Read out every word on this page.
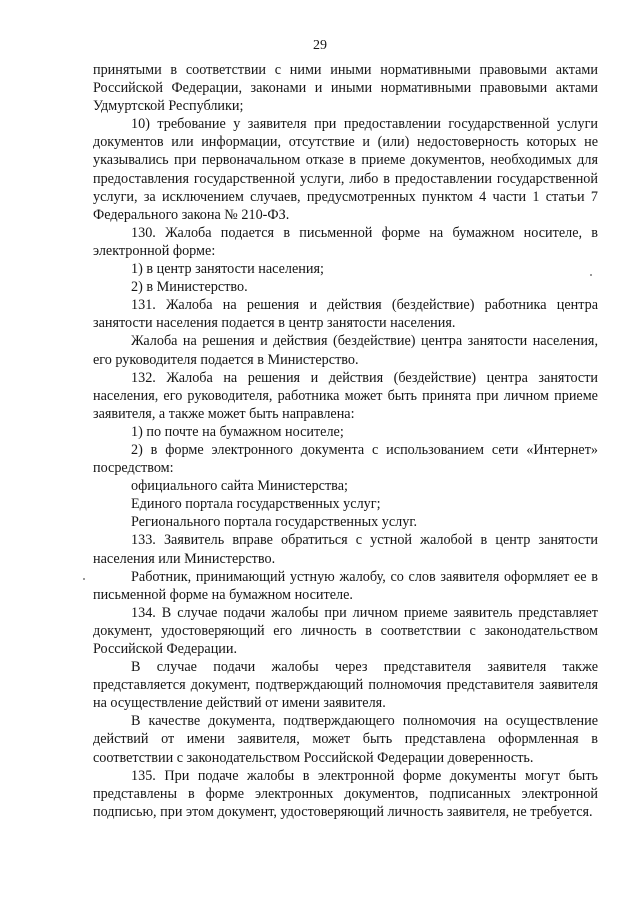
29

принятыми в соответствии с ними иными нормативными правовыми актами Российской Федерации, законами и иными нормативными правовыми актами Удмуртской Республики;

10) требование у заявителя при предоставлении государственной услуги документов или информации, отсутствие и (или) недостоверность которых не указывались при первоначальном отказе в приеме документов, необходимых для предоставления государственной услуги, либо в предоставлении государственной услуги, за исключением случаев, предусмотренных пунктом 4 части 1 статьи 7 Федерального закона № 210-ФЗ.

130. Жалоба подается в письменной форме на бумажном носителе, в электронной форме:

1) в центр занятости населения;

2) в Министерство.

131. Жалоба на решения и действия (бездействие) работника центра занятости населения подается в центр занятости населения.

Жалоба на решения и действия (бездействие) центра занятости населения, его руководителя подается в Министерство.

132. Жалоба на решения и действия (бездействие) центра занятости населения, его руководителя, работника может быть принята при личном приеме заявителя, а также может быть направлена:

1) по почте на бумажном носителе;

2) в форме электронного документа с использованием сети «Интернет» посредством:

официального сайта Министерства;

Единого портала государственных услуг;

Регионального портала государственных услуг.

133. Заявитель вправе обратиться с устной жалобой в центр занятости населения или Министерство.

Работник, принимающий устную жалобу, со слов заявителя оформляет ее в письменной форме на бумажном носителе.

134. В случае подачи жалобы при личном приеме заявитель представляет документ, удостоверяющий его личность в соответствии с законодательством Российской Федерации.

В случае подачи жалобы через представителя заявителя также представляется документ, подтверждающий полномочия представителя заявителя на осуществление действий от имени заявителя.

В качестве документа, подтверждающего полномочия на осуществление действий от имени заявителя, может быть представлена оформленная в соответствии с законодательством Российской Федерации доверенность.

135. При подаче жалобы в электронной форме документы могут быть представлены в форме электронных документов, подписанных электронной подписью, при этом документ, удостоверяющий личность заявителя, не требуется.
